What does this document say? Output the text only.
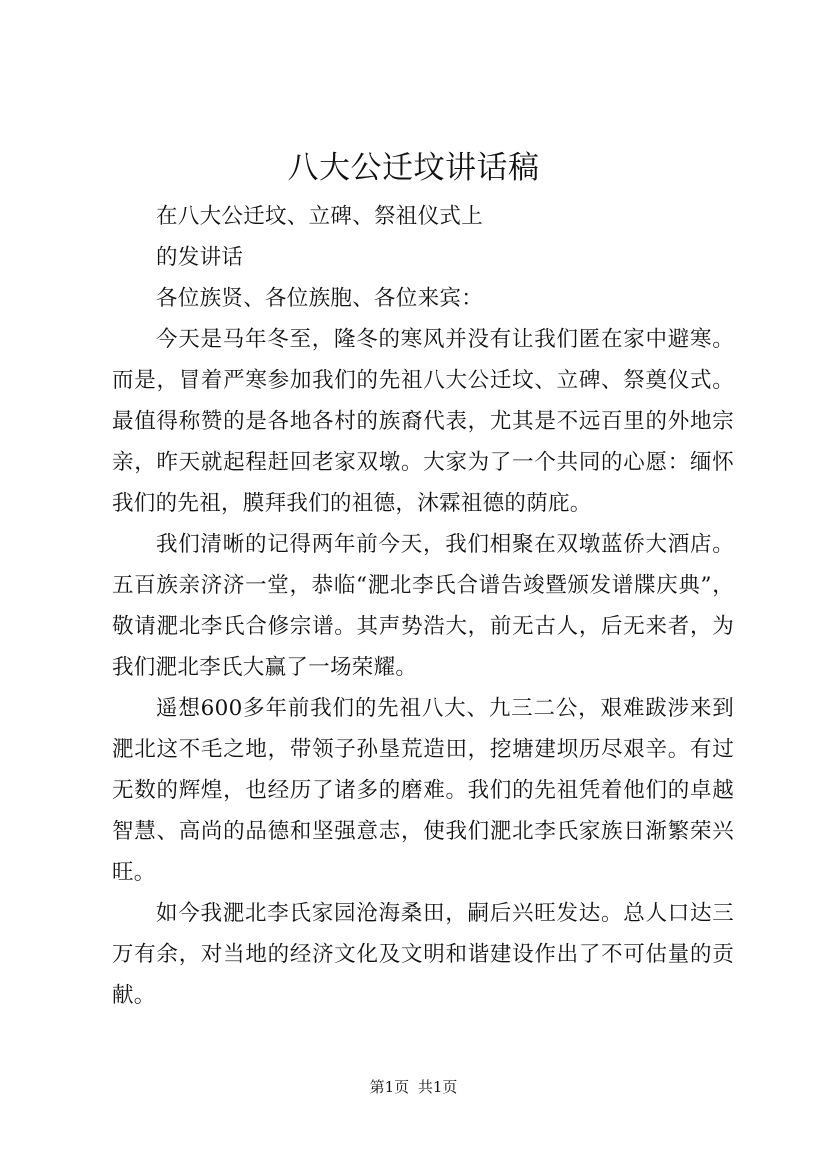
八大公迁坟讲话稿

在八大公迁坟、立碑、祭祖仪式上

的发讲话

各位族贤、各位族胞、各位来宾：

今天是马年冬至，隆冬的寒风并没有让我们匿在家中避寒。而是，冒着严寒参加我们的先祖八大公迁坟、立碑、祭奠仪式。最值得称赞的是各地各村的族裔代表，尤其是不远百里的外地宗亲，昨天就起程赶回老家双墩。大家为了一个共同的心愿：缅怀我们的先祖，膜拜我们的祖德，沐霖祖德的荫庇。

我们清晰的记得两年前今天，我们相聚在双墩蓝侨大酒店。五百族亲济济一堂，恭临“淝北李氏合谱告竣暨颁发谱牒庆典”，敬请淝北李氏合修宗谱。其声势浩大，前无古人，后无来者，为我们淝北李氏大赢了一场荣耀。

遥想600多年前我们的先祖八大、九三二公，艰难跋涉来到淝北这不毛之地，带领子孙垦荒造田，挖塘建坝历尽艰辛。有过无数的辉煌，也经历了诸多的磨难。我们的先祖凭着他们的卓越智慧、高尚的品德和坚强意志，使我们淝北李氏家族日渐繁荣兴旺。

如今我淝北李氏家园沧海桑田，嗣后兴旺发达。总人口达三万有余，对当地的经济文化及文明和谐建设作出了不可估量的贡献。

第1页 共1页
